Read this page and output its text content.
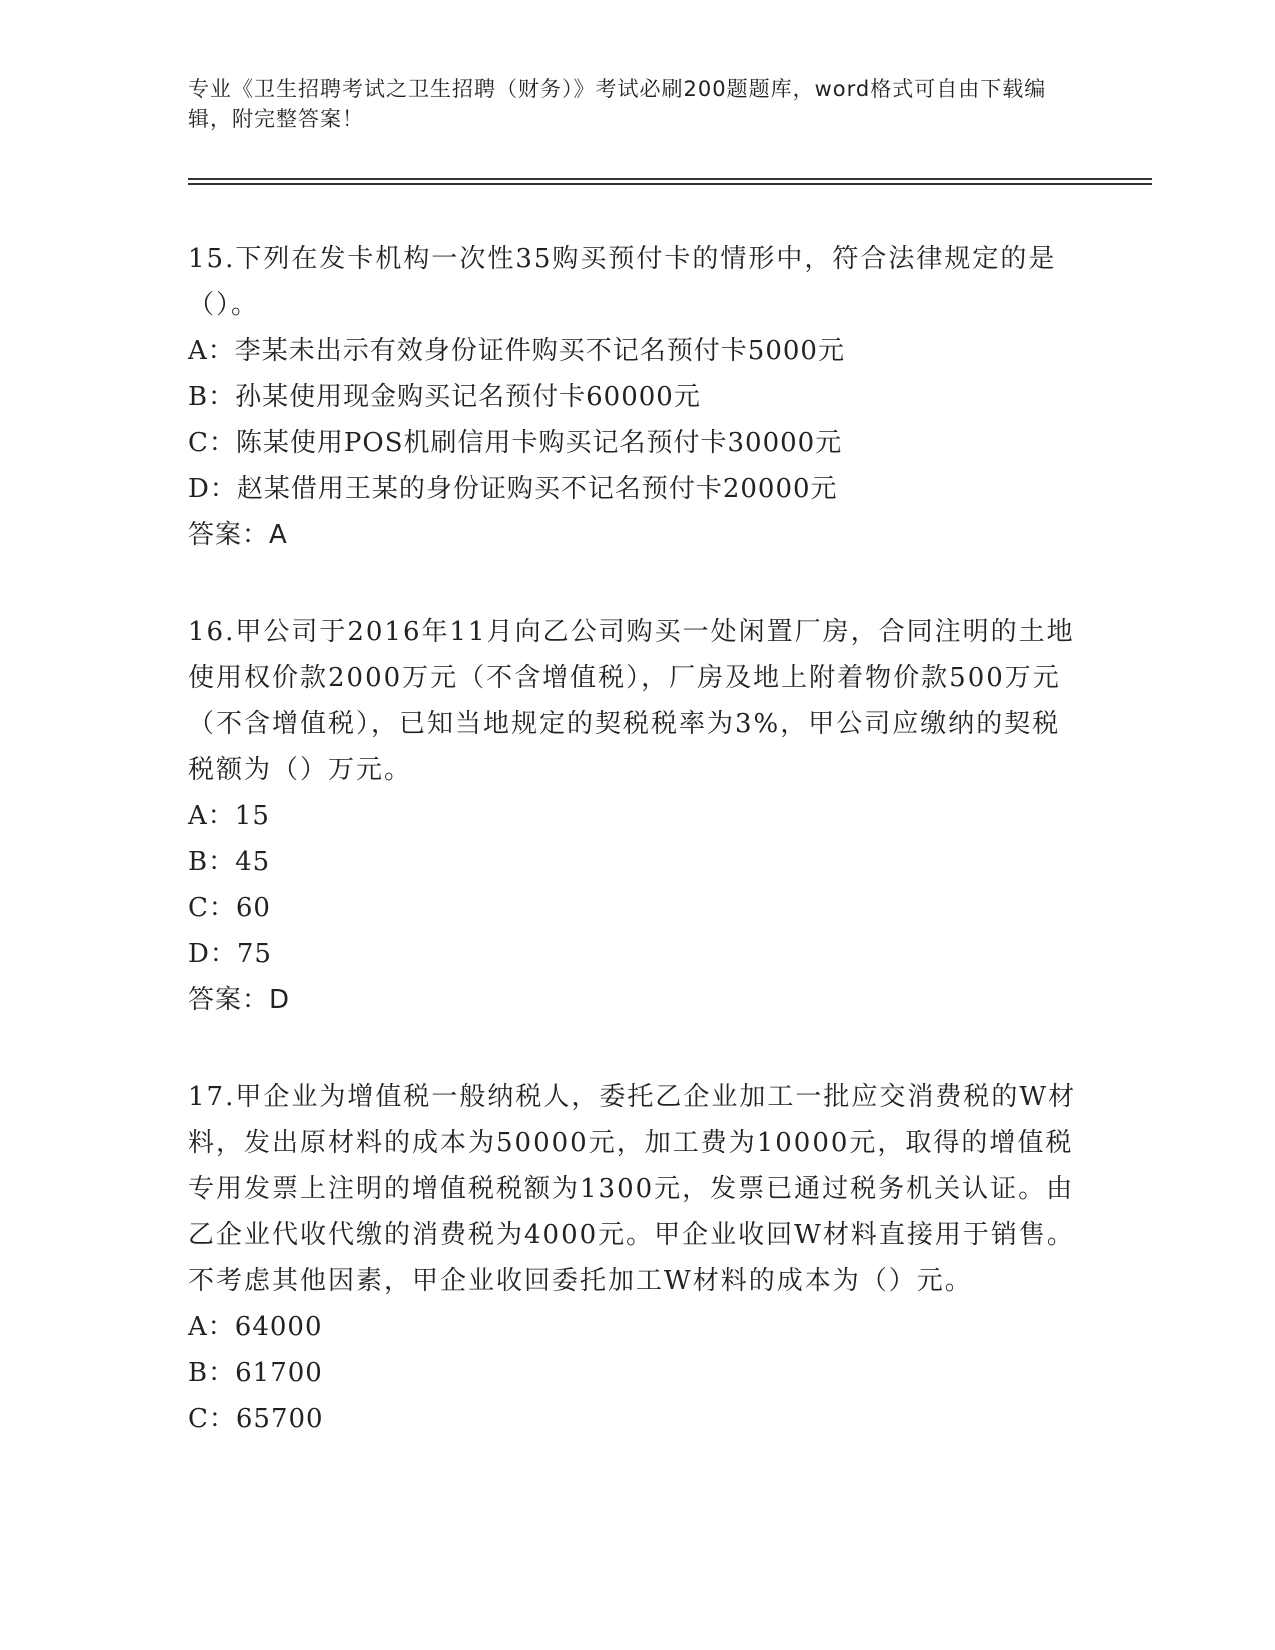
专业《卫生招聘考试之卫生招聘（财务）》考试必刷200题题库，word格式可自由下载编辑，附完整答案！

15.下列在发卡机构一次性35购买预付卡的情形中，符合法律规定的是（）。

A：李某未出示有效身份证件购买不记名预付卡5000元

B：孙某使用现金购买记名预付卡60000元

C：陈某使用POS机刷信用卡购买记名预付卡30000元

D：赵某借用王某的身份证购买不记名预付卡20000元

答案：A

16.甲公司于2016年11月向乙公司购买一处闲置厂房，合同注明的土地使用权价款2000万元（不含增值税），厂房及地上附着物价款500万元（不含增值税），已知当地规定的契税税率为3%，甲公司应缴纳的契税税额为（）万元。

A：15

B：45

C：60

D：75

答案：D

17.甲企业为增值税一般纳税人，委托乙企业加工一批应交消费税的W材料，发出原材料的成本为50000元，加工费为10000元，取得的增值税专用发票上注明的增值税税额为1300元，发票已通过税务机关认证。由乙企业代收代缴的消费税为4000元。甲企业收回W材料直接用于销售。不考虑其他因素，甲企业收回委托加工W材料的成本为（）元。

A：64000

B：61700

C：65700
